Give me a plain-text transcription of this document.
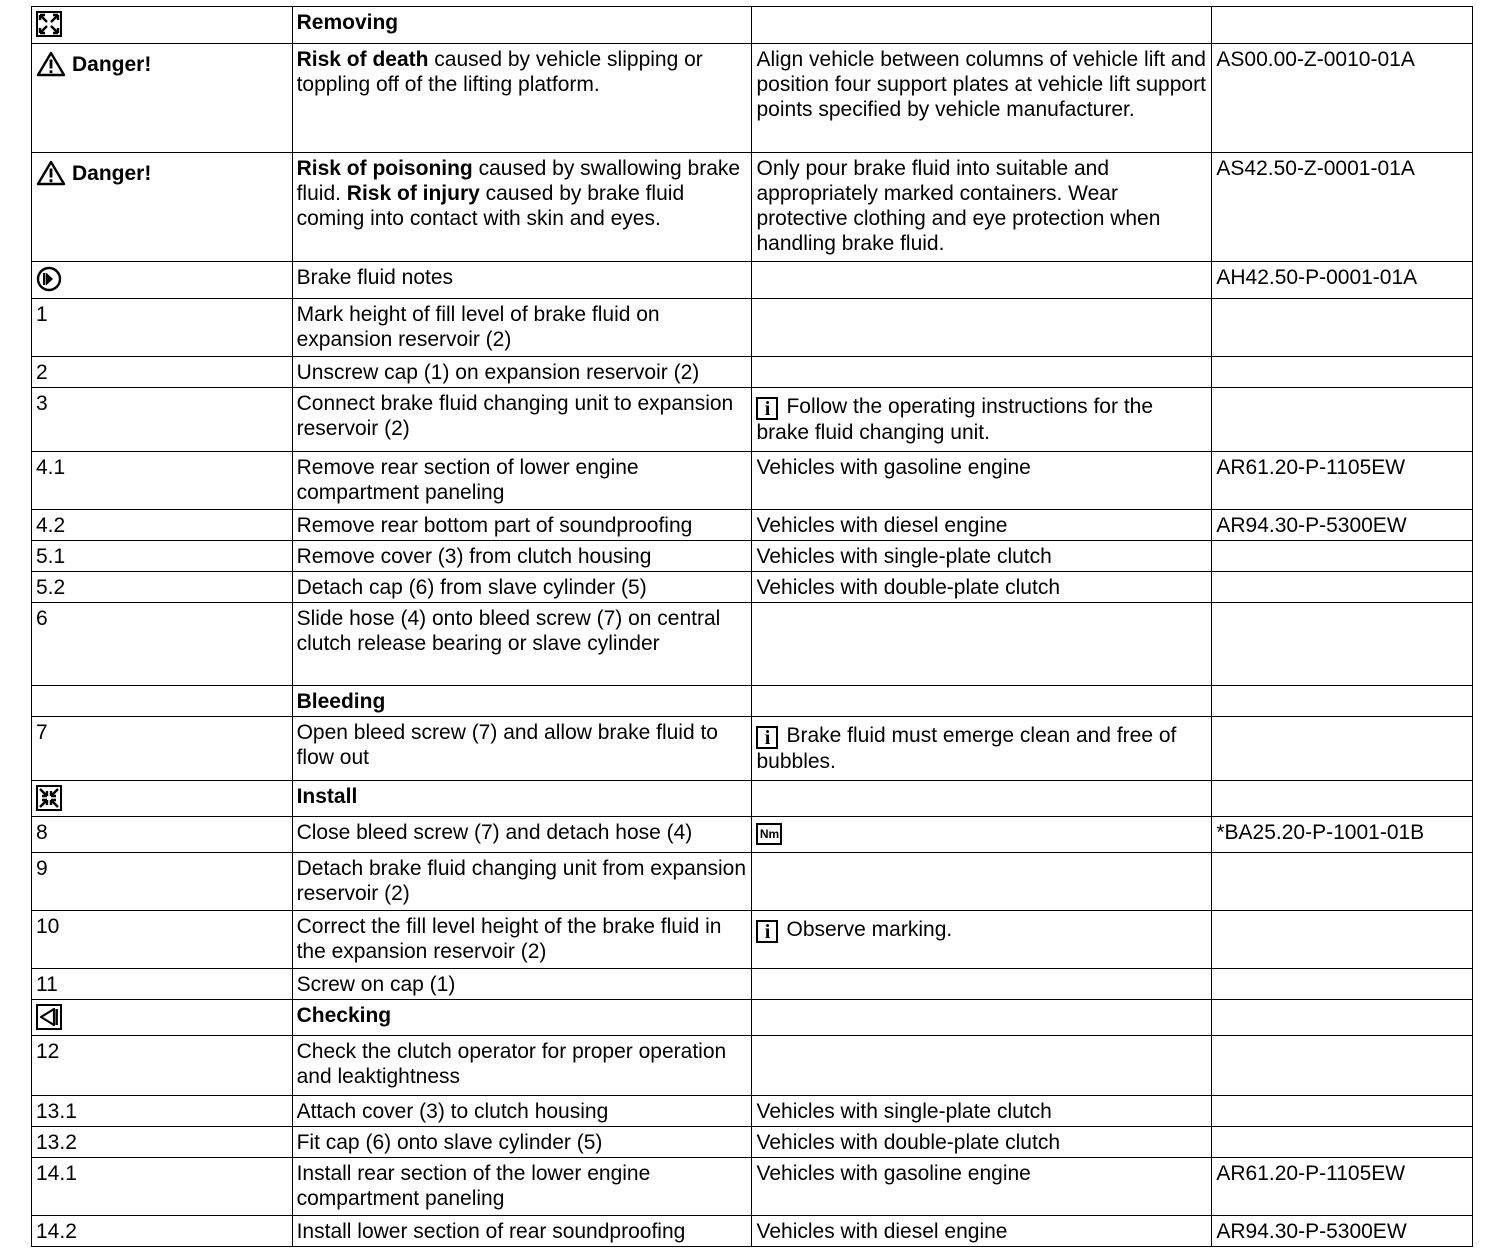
	Removing		

Danger!	Risk of death caused by vehicle slipping or toppling off of the lifting platform.	Align vehicle between columns of vehicle lift and position four support plates at vehicle lift support points specified by vehicle manufacturer.	AS00.00-Z-0010-01A

Danger!	Risk of poisoning caused by swallowing brake fluid. Risk of injury caused by brake fluid coming into contact with skin and eyes.	Only pour brake fluid into suitable and appropriately marked containers. Wear protective clothing and eye protection when handling brake fluid.	AS42.50-Z-0001-01A
	Brake fluid notes		AH42.50-P-0001-01A
1	Mark height of fill level of brake fluid on expansion reservoir (2)		
2	Unscrew cap (1) on expansion reservoir (2)		
3	Connect brake fluid changing unit to expansion reservoir (2)	i Follow the operating instructions for the brake fluid changing unit.	
4.1	Remove rear section of lower engine compartment paneling	Vehicles with gasoline engine	AR61.20-P-1105EW
4.2	Remove rear bottom part of soundproofing	Vehicles with diesel engine	AR94.30-P-5300EW
5.1	Remove cover (3) from clutch housing	Vehicles with single-plate clutch	
5.2	Detach cap (6) from slave cylinder (5)	Vehicles with double-plate clutch	
6	Slide hose (4) onto bleed screw (7) on central clutch release bearing or slave cylinder		
	Bleeding		
7	Open bleed screw (7) and allow brake fluid to flow out	i Brake fluid must emerge clean and free of bubbles.	
	Install		
8	Close bleed screw (7) and detach hose (4)	Nm	*BA25.20-P-1001-01B
9	Detach brake fluid changing unit from expansion reservoir (2)		
10	Correct the fill level height of the brake fluid in the expansion reservoir (2)	i Observe marking.	
11	Screw on cap (1)		
	Checking		
12	Check the clutch operator for proper operation and leaktightness		
13.1	Attach cover (3) to clutch housing	Vehicles with single-plate clutch	
13.2	Fit cap (6) onto slave cylinder (5)	Vehicles with double-plate clutch	
14.1	Install rear section of the lower engine compartment paneling	Vehicles with gasoline engine	AR61.20-P-1105EW
14.2	Install lower section of rear soundproofing	Vehicles with diesel engine	AR94.30-P-5300EW
